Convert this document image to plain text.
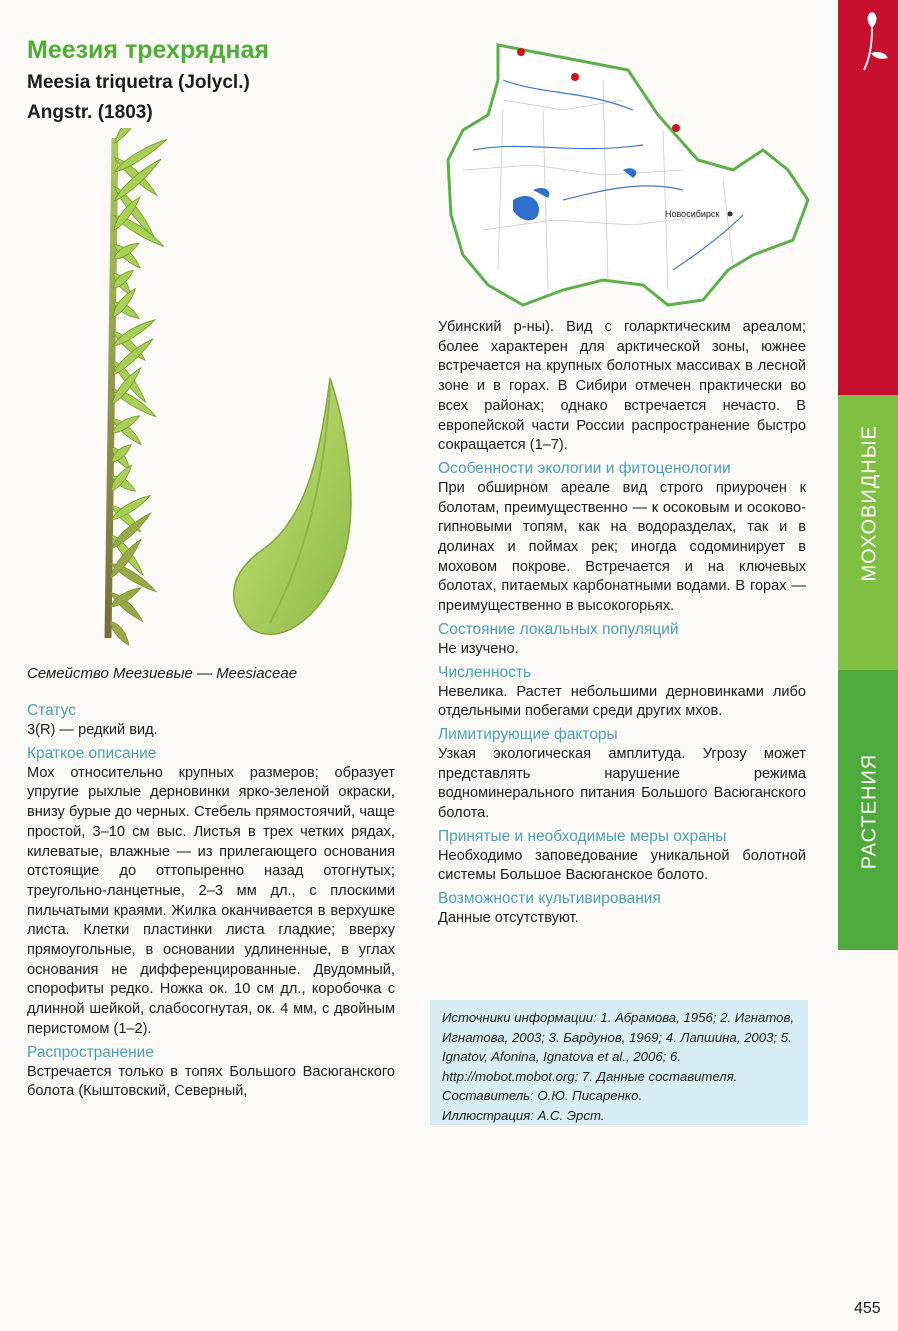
Меезия трехрядная
Meesia triquetra (Jolycl.)
Angstr. (1803)
Новосибирск
Семейство Меезиевые — Meesiaceae
Статус

3(R) — редкий вид.

Краткое описание

Мох относительно крупных размеров; образует упругие рыхлые дерновинки ярко-зеленой окраски, внизу бурые до черных. Стебель прямостоячий, чаще простой, 3–10 см выс. Листья в трех четких рядах, килеватые, влажные — из прилегающего основания отстоящие до оттопыренно назад отогнутых; треугольно-ланцетные, 2–3 мм дл., с плоскими пильчатыми краями. Жилка оканчивается в верхушке листа. Клетки пластинки листа гладкие; вверху прямоугольные, в основании удлиненные, в углах основания не дифференцированные. Двудомный, спорофиты редко. Ножка ок. 10 см дл., коробочка с длинной шейкой, слабосогнутая, ок. 4 мм, с двойным перистомом (1–2).

Распространение

Встречается только в топях Большого Васюганского болота (Кыштовский, Северный,

Убинский р-ны). Вид с голарктическим ареалом; более характерен для арктической зоны, южнее встречается на крупных болотных массивах в лесной зоне и в горах. В Сибири отмечен практически во всех районах; однако встречается нечасто. В европейской части России распространение быстро сокращается (1–7).

Особенности экологии и фитоценологии

При обширном ареале вид строго приурочен к болотам, преимущественно — к осоковым и осоково-гипновыми топям, как на водоразделах, так и в долинах и поймах рек; иногда содоминирует в моховом покрове. Встречается и на ключевых болотах, питаемых карбонатными водами. В горах — преимущественно в высокогорьях.

Состояние локальных популяций

Не изучено.

Численность

Невелика. Растет небольшими дерновинками либо отдельными побегами среди других мхов.

Лимитирующие факторы

Узкая экологическая амплитуда. Угрозу может представлять нарушение режима водноминерального питания Большого Васюганского болота.

Принятые и необходимые меры охраны

Необходимо заповедование уникальной болотной системы Большое Васюганское болото.

Возможности культивирования

Данные отсутствуют.

Источники информации: 1. Абрамова, 1956; 2. Игнатов, Игнатова, 2003; 3. Бардунов, 1969; 4. Лапшина, 2003; 5. Ignatov, Afonina, Ignatova et al., 2006; 6. http://mobot.mobot.org; 7. Данные составителя.

Составитель: О.Ю. Писаренко.

Иллюстрация: А.С. Эрст.

МОХОВИДНЫЕ
РАСТЕНИЯ
455
